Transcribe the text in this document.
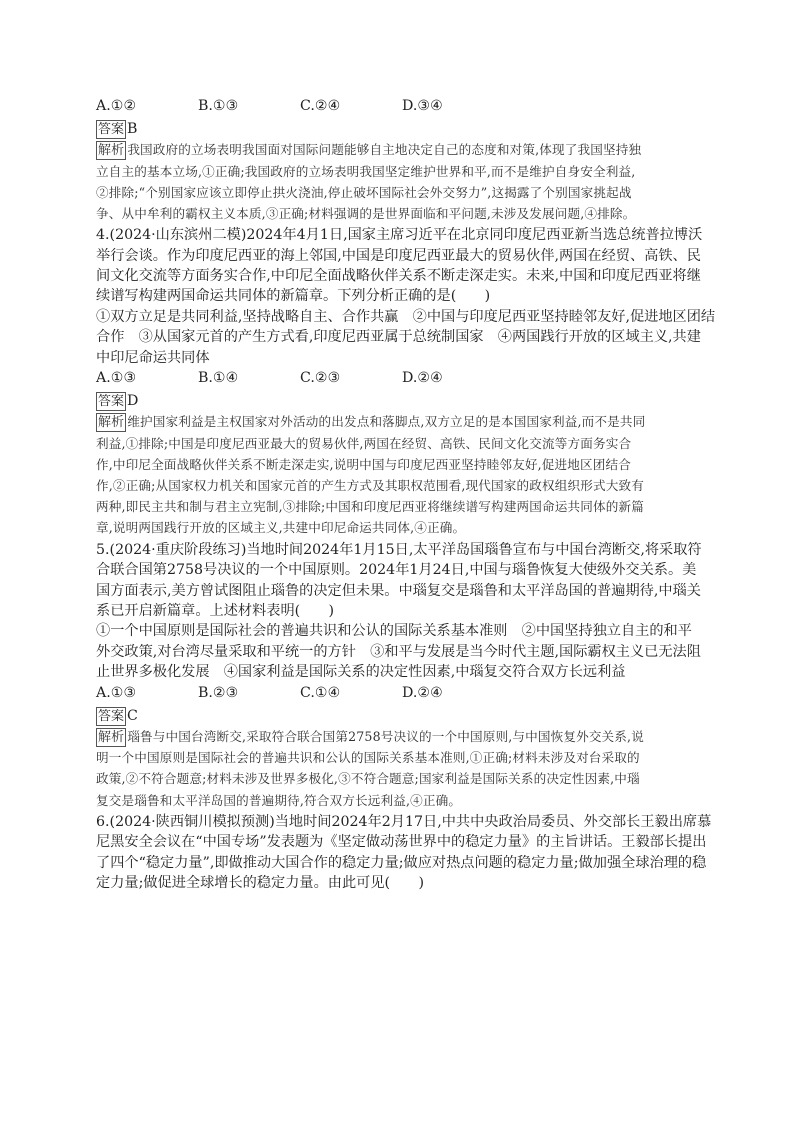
A.①②	B.①③	C.②④	D.③④
答案 B
解析 我国政府的立场表明我国面对国际问题能够自主地决定自己的态度和对策,体现了我国坚持独
立自主的基本立场,①正确;我国政府的立场表明我国坚定维护世界和平,而不是维护自身安全利益,
②排除;“个别国家应该立即停止拱火浇油,停止破坏国际社会外交努力”,这揭露了个别国家挑起战
争、从中牟利的霸权主义本质,③正确;材料强调的是世界面临和平问题,未涉及发展问题,④排除。
4.(2024·山东滨州二模)2024年4月1日,国家主席习近平在北京同印度尼西亚新当选总统普拉博沃
举行会谈。作为印度尼西亚的海上邻国,中国是印度尼西亚最大的贸易伙伴,两国在经贸、高铁、民
间文化交流等方面务实合作,中印尼全面战略伙伴关系不断走深走实。未来,中国和印度尼西亚将继
续谱写构建两国命运共同体的新篇章。下列分析正确的是(　　)
①双方立足是共同利益,坚持战略自主、合作共赢　②中国与印度尼西亚坚持睦邻友好,促进地区团结
合作　③从国家元首的产生方式看,印度尼西亚属于总统制国家　④两国践行开放的区域主义,共建
中印尼命运共同体
A.①③	B.①④	C.②③	D.②④
答案 D
解析 维护国家利益是主权国家对外活动的出发点和落脚点,双方立足的是本国国家利益,而不是共同
利益,①排除;中国是印度尼西亚最大的贸易伙伴,两国在经贸、高铁、民间文化交流等方面务实合
作,中印尼全面战略伙伴关系不断走深走实,说明中国与印度尼西亚坚持睦邻友好,促进地区团结合
作,②正确;从国家权力机关和国家元首的产生方式及其职权范围看,现代国家的政权组织形式大致有
两种,即民主共和制与君主立宪制,③排除;中国和印度尼西亚将继续谱写构建两国命运共同体的新篇
章,说明两国践行开放的区域主义,共建中印尼命运共同体,④正确。
5.(2024·重庆阶段练习)当地时间2024年1月15日,太平洋岛国瑙鲁宣布与中国台湾断交,将采取符
合联合国第2758号决议的一个中国原则。2024年1月24日,中国与瑙鲁恢复大使级外交关系。美
国方面表示,美方曾试图阻止瑙鲁的决定但未果。中瑙复交是瑙鲁和太平洋岛国的普遍期待,中瑙关
系已开启新篇章。上述材料表明(　　)
①一个中国原则是国际社会的普遍共识和公认的国际关系基本准则　②中国坚持独立自主的和平
外交政策,对台湾尽量采取和平统一的方针　③和平与发展是当今时代主题,国际霸权主义已无法阻
止世界多极化发展　④国家利益是国际关系的决定性因素,中瑙复交符合双方长远利益
A.①③	B.②③	C.①④	D.②④
答案 C
解析 瑙鲁与中国台湾断交,采取符合联合国第2758号决议的一个中国原则,与中国恢复外交关系,说
明一个中国原则是国际社会的普遍共识和公认的国际关系基本准则,①正确;材料未涉及对台采取的
政策,②不符合题意;材料未涉及世界多极化,③不符合题意;国家利益是国际关系的决定性因素,中瑙
复交是瑙鲁和太平洋岛国的普遍期待,符合双方长远利益,④正确。
6.(2024·陕西铜川模拟预测)当地时间2024年2月17日,中共中央政治局委员、外交部长王毅出席慕
尼黑安全会议在“中国专场”发表题为《坚定做动荡世界中的稳定力量》的主旨讲话。王毅部长提出
了四个“稳定力量”,即做推动大国合作的稳定力量;做应对热点问题的稳定力量;做加强全球治理的稳
定力量;做促进全球增长的稳定力量。由此可见(　　)
